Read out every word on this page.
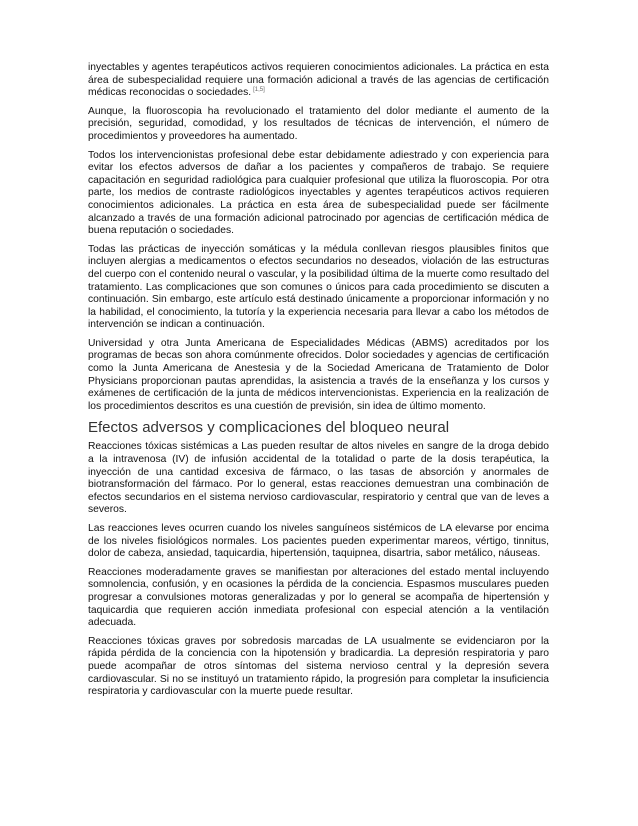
inyectables y agentes terapéuticos activos requieren conocimientos adicionales. La práctica en esta área de subespecialidad requiere una formación adicional a través de las agencias de certificación médicas reconocidas o sociedades. [1,5]

Aunque, la fluoroscopia ha revolucionado el tratamiento del dolor mediante el aumento de la precisión, seguridad, comodidad, y los resultados de técnicas de intervención, el número de procedimientos y proveedores ha aumentado.

Todos los intervencionistas profesional debe estar debidamente adiestrado y con experiencia para evitar los efectos adversos de dañar a los pacientes y compañeros de trabajo. Se requiere capacitación en seguridad radiológica para cualquier profesional que utiliza la fluoroscopia. Por otra parte, los medios de contraste radiológicos inyectables y agentes terapéuticos activos requieren conocimientos adicionales. La práctica en esta área de subespecialidad puede ser fácilmente alcanzado a través de una formación adicional patrocinado por agencias de certificación médica de buena reputación o sociedades.

Todas las prácticas de inyección somáticas y la médula conllevan riesgos plausibles finitos que incluyen alergias a medicamentos o efectos secundarios no deseados, violación de las estructuras del cuerpo con el contenido neural o vascular, y la posibilidad última de la muerte como resultado del tratamiento. Las complicaciones que son comunes o únicos para cada procedimiento se discuten a continuación. Sin embargo, este artículo está destinado únicamente a proporcionar información y no la habilidad, el conocimiento, la tutoría y la experiencia necesaria para llevar a cabo los métodos de intervención se indican a continuación.

Universidad y otra Junta Americana de Especialidades Médicas (ABMS) acreditados por los programas de becas son ahora comúnmente ofrecidos. Dolor sociedades y agencias de certificación como la Junta Americana de Anestesia y de la Sociedad Americana de Tratamiento de Dolor Physicians proporcionan pautas aprendidas, la asistencia a través de la enseñanza y los cursos y exámenes de certificación de la junta de médicos intervencionistas. Experiencia en la realización de los procedimientos descritos es una cuestión de previsión, sin idea de último momento.

Efectos adversos y complicaciones del bloqueo neural

Reacciones tóxicas sistémicas a Las pueden resultar de altos niveles en sangre de la droga debido a la intravenosa (IV) de infusión accidental de la totalidad o parte de la dosis terapéutica, la inyección de una cantidad excesiva de fármaco, o las tasas de absorción y anormales de biotransformación del fármaco. Por lo general, estas reacciones demuestran una combinación de efectos secundarios en el sistema nervioso cardiovascular, respiratorio y central que van de leves a severos.

Las reacciones leves ocurren cuando los niveles sanguíneos sistémicos de LA elevarse por encima de los niveles fisiológicos normales. Los pacientes pueden experimentar mareos, vértigo, tinnitus, dolor de cabeza, ansiedad, taquicardia, hipertensión, taquipnea, disartria, sabor metálico, náuseas.

Reacciones moderadamente graves se manifiestan por alteraciones del estado mental incluyendo somnolencia, confusión, y en ocasiones la pérdida de la conciencia. Espasmos musculares pueden progresar a convulsiones motoras generalizadas y por lo general se acompaña de hipertensión y taquicardia que requieren acción inmediata profesional con especial atención a la ventilación adecuada.

Reacciones tóxicas graves por sobredosis marcadas de LA usualmente se evidenciaron por la rápida pérdida de la conciencia con la hipotensión y bradicardia. La depresión respiratoria y paro puede acompañar de otros síntomas del sistema nervioso central y la depresión severa cardiovascular. Si no se instituyó un tratamiento rápido, la progresión para completar la insuficiencia respiratoria y cardiovascular con la muerte puede resultar.
